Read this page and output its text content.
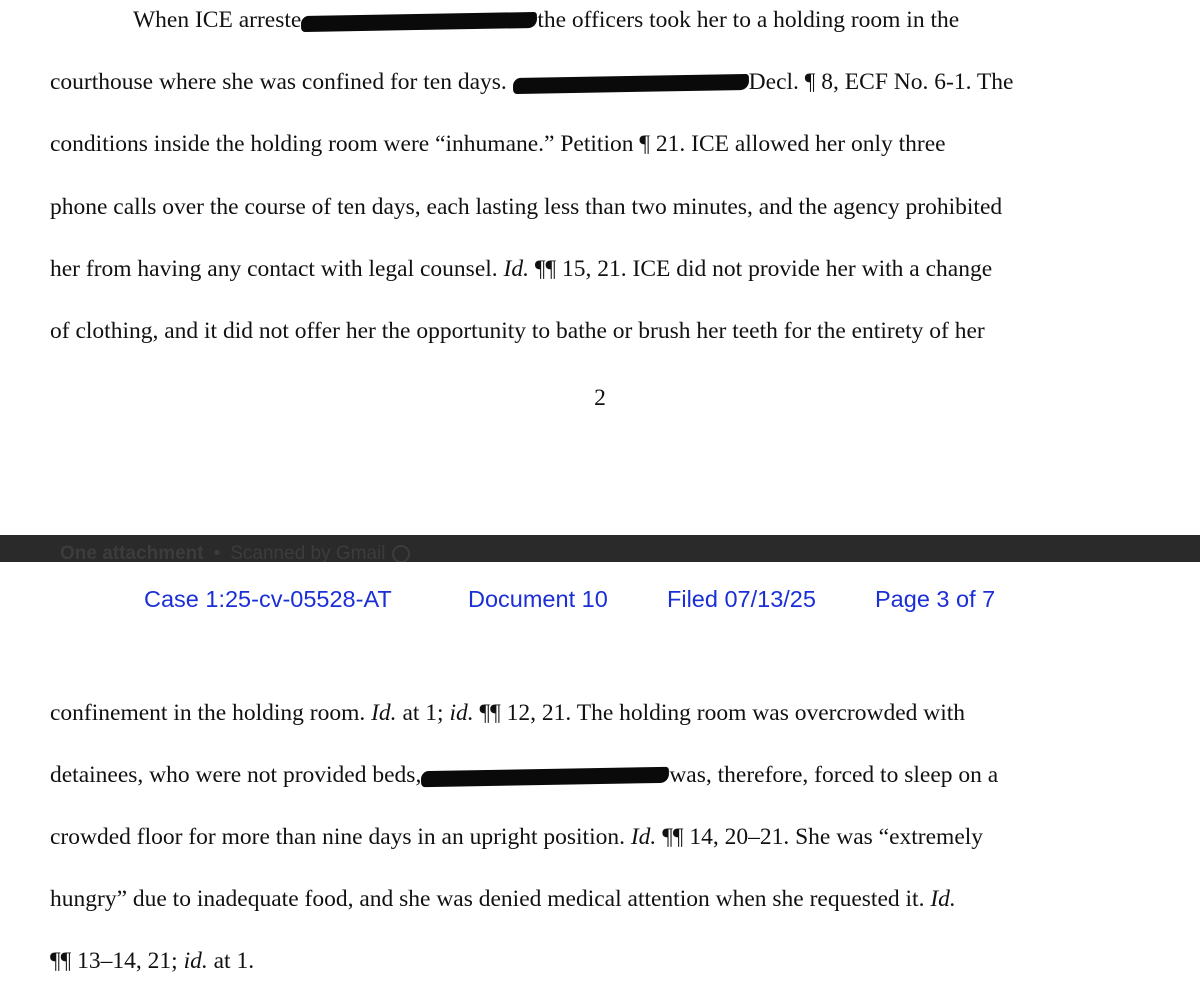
When ICE arreste	the officers took her to a holding room in the

courthouse where she was confined for ten days.	Decl. ¶ 8, ECF No. 6-1. The

conditions inside the holding room were “inhumane.” Petition ¶ 21. ICE allowed her only three

phone calls over the course of ten days, each lasting less than two minutes, and the agency prohibited

her from having any contact with legal counsel. Id. ¶¶ 15, 21. ICE did not provide her with a change

of clothing, and it did not offer her the opportunity to bathe or brush her teeth for the entirety of her

2
One attachment • Scanned by Gmail
Case 1:25-cv-05528-AT	Document 10	Filed 07/13/25	Page 3 of 7

confinement in the holding room. Id. at 1; id. ¶¶ 12, 21. The holding room was overcrowded with

detainees, who were not provided beds,	was, therefore, forced to sleep on a

crowded floor for more than nine days in an upright position. Id. ¶¶ 14, 20–21. She was “extremely

hungry” due to inadequate food, and she was denied medical attention when she requested it. Id.

¶¶ 13–14, 21; id. at 1.
